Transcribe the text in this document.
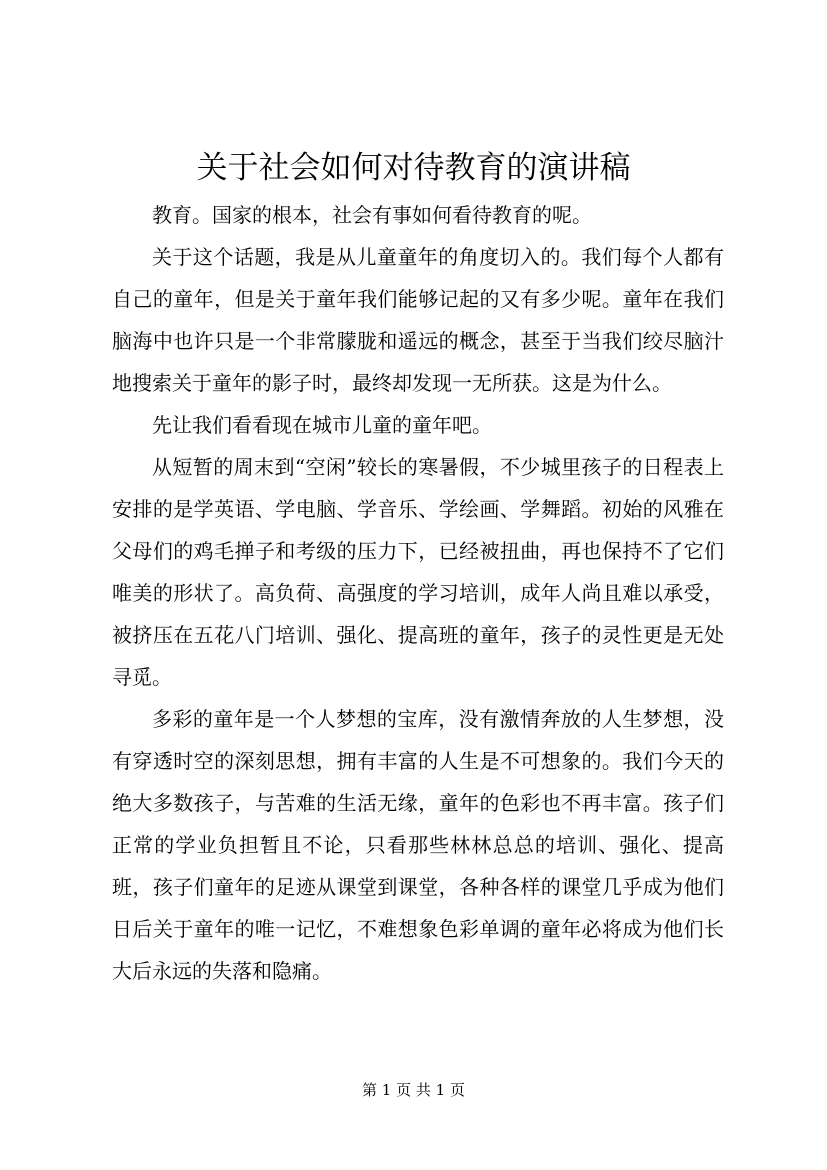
关于社会如何对待教育的演讲稿

教育。国家的根本，社会有事如何看待教育的呢。

关于这个话题，我是从儿童童年的角度切入的。我们每个人都有自己的童年，但是关于童年我们能够记起的又有多少呢。童年在我们脑海中也许只是一个非常朦胧和遥远的概念，甚至于当我们绞尽脑汁地搜索关于童年的影子时，最终却发现一无所获。这是为什么。

先让我们看看现在城市儿童的童年吧。

从短暂的周末到“空闲”较长的寒暑假，不少城里孩子的日程表上安排的是学英语、学电脑、学音乐、学绘画、学舞蹈。初始的风雅在父母们的鸡毛掸子和考级的压力下，已经被扭曲，再也保持不了它们唯美的形状了。高负荷、高强度的学习培训，成年人尚且难以承受，被挤压在五花八门培训、强化、提高班的童年，孩子的灵性更是无处寻觅。

多彩的童年是一个人梦想的宝库，没有激情奔放的人生梦想，没有穿透时空的深刻思想，拥有丰富的人生是不可想象的。我们今天的绝大多数孩子，与苦难的生活无缘，童年的色彩也不再丰富。孩子们正常的学业负担暂且不论，只看那些林林总总的培训、强化、提高班，孩子们童年的足迹从课堂到课堂，各种各样的课堂几乎成为他们日后关于童年的唯一记忆，不难想象色彩单调的童年必将成为他们长大后永远的失落和隐痛。

第 1 页 共 1 页
